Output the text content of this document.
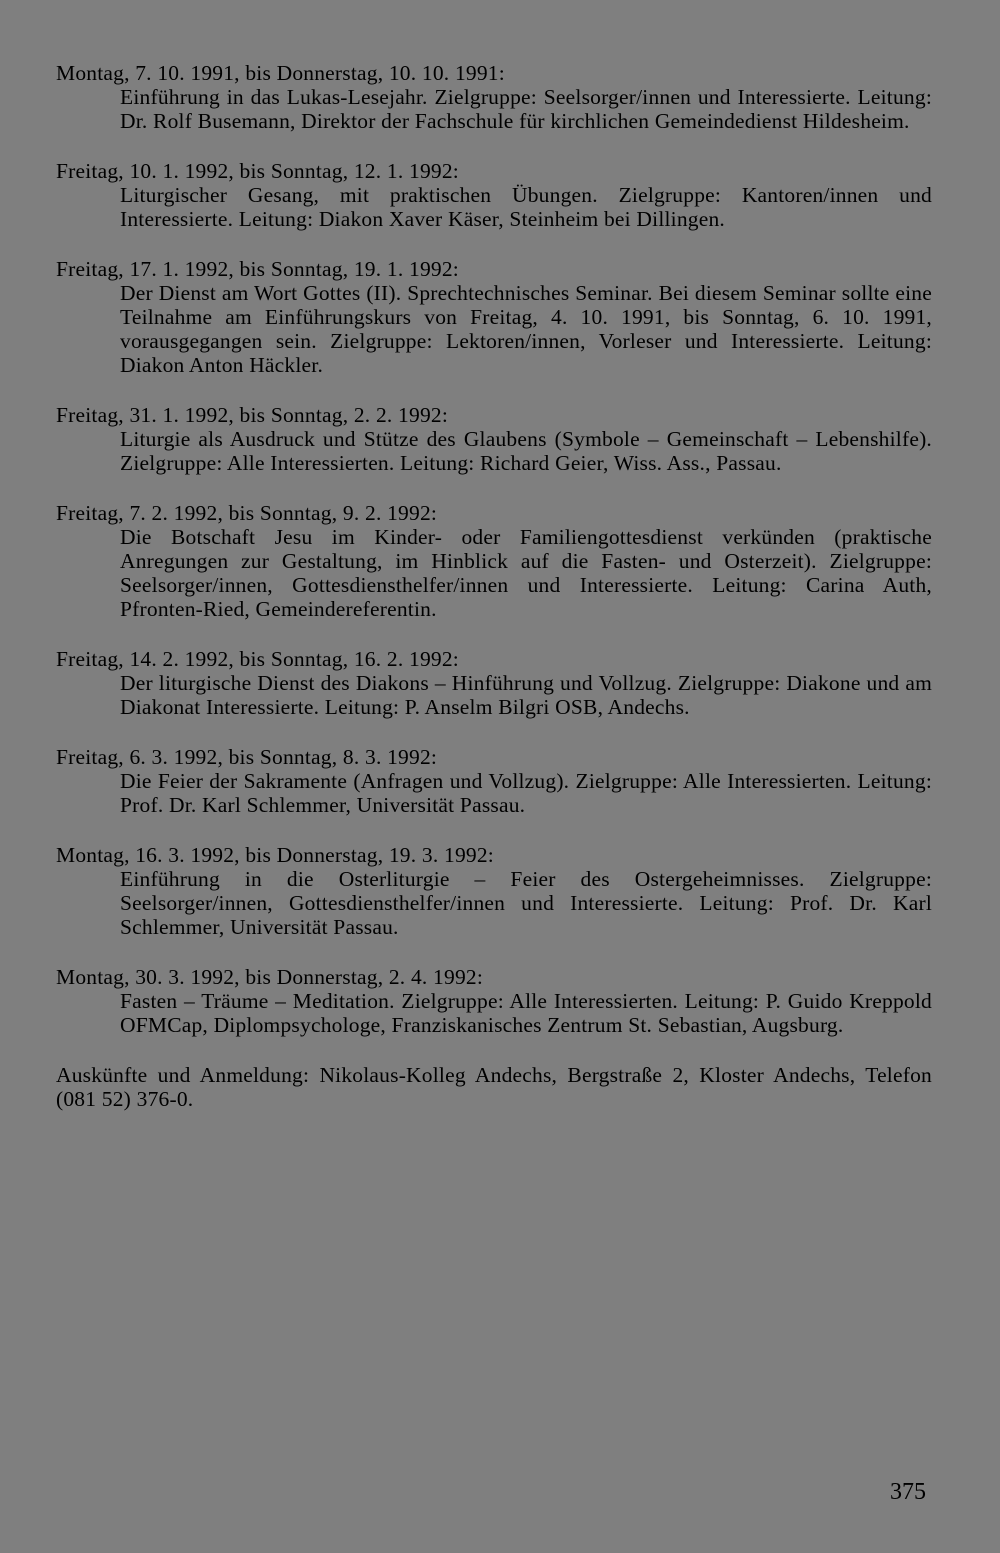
Montag, 7. 10. 1991, bis Donnerstag, 10. 10. 1991:
Einführung in das Lukas-Lesejahr. Zielgruppe: Seelsorger/innen und Interessierte. Leitung: Dr. Rolf Busemann, Direktor der Fachschule für kirchlichen Gemeindedienst Hildesheim.
Freitag, 10. 1. 1992, bis Sonntag, 12. 1. 1992:
Liturgischer Gesang, mit praktischen Übungen. Zielgruppe: Kantoren/innen und Interessierte. Leitung: Diakon Xaver Käser, Steinheim bei Dillingen.
Freitag, 17. 1. 1992, bis Sonntag, 19. 1. 1992:
Der Dienst am Wort Gottes (II). Sprechtechnisches Seminar. Bei diesem Seminar sollte eine Teilnahme am Einführungskurs von Freitag, 4. 10. 1991, bis Sonntag, 6. 10. 1991, vorausgegangen sein. Zielgruppe: Lektoren/innen, Vorleser und Interessierte. Leitung: Diakon Anton Häckler.
Freitag, 31. 1. 1992, bis Sonntag, 2. 2. 1992:
Liturgie als Ausdruck und Stütze des Glaubens (Symbole – Gemeinschaft – Lebenshilfe). Zielgruppe: Alle Interessierten. Leitung: Richard Geier, Wiss. Ass., Passau.
Freitag, 7. 2. 1992, bis Sonntag, 9. 2. 1992:
Die Botschaft Jesu im Kinder- oder Familiengottesdienst verkünden (praktische Anregungen zur Gestaltung, im Hinblick auf die Fasten- und Osterzeit). Zielgruppe: Seelsorger/innen, Gottesdiensthelfer/innen und Interessierte. Leitung: Carina Auth, Pfronten-Ried, Gemeindereferentin.
Freitag, 14. 2. 1992, bis Sonntag, 16. 2. 1992:
Der liturgische Dienst des Diakons – Hinführung und Vollzug. Zielgruppe: Diakone und am Diakonat Interessierte. Leitung: P. Anselm Bilgri OSB, Andechs.
Freitag, 6. 3. 1992, bis Sonntag, 8. 3. 1992:
Die Feier der Sakramente (Anfragen und Vollzug). Zielgruppe: Alle Interessierten. Leitung: Prof. Dr. Karl Schlemmer, Universität Passau.
Montag, 16. 3. 1992, bis Donnerstag, 19. 3. 1992:
Einführung in die Osterliturgie – Feier des Ostergeheimnisses. Zielgruppe: Seelsorger/innen, Gottesdiensthelfer/innen und Interessierte. Leitung: Prof. Dr. Karl Schlemmer, Universität Passau.
Montag, 30. 3. 1992, bis Donnerstag, 2. 4. 1992:
Fasten – Träume – Meditation. Zielgruppe: Alle Interessierten. Leitung: P. Guido Kreppold OFMCap, Diplompsychologe, Franziskanisches Zentrum St. Sebastian, Augsburg.
Auskünfte und Anmeldung: Nikolaus-Kolleg Andechs, Bergstraße 2, Kloster Andechs, Telefon (081 52) 376-0.
375
